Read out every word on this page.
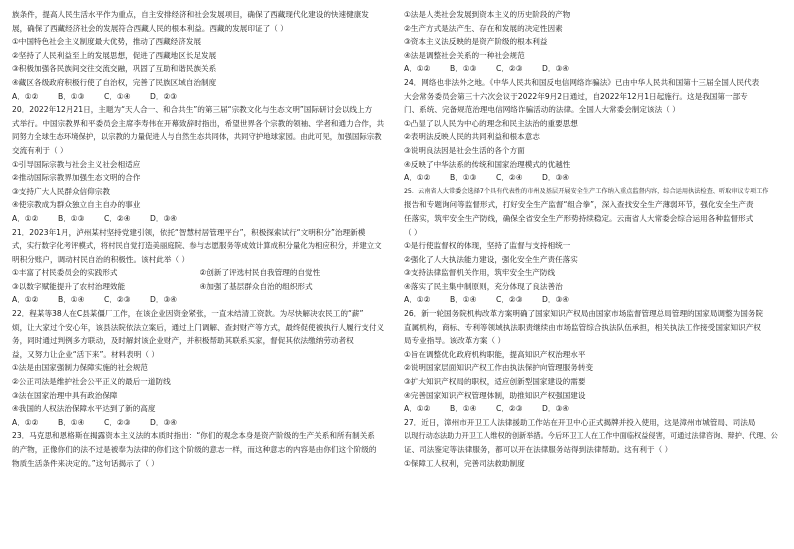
族条件，提高人民生活水平作为重点，自主安排经济和社会发展项目，确保了西藏现代化建设的快速健康发

展，确保了西藏经济社会的发展符合西藏人民的根本利益。西藏的发展印证了（ ）

①中国特色社会主义制度最大优势，推动了西藏经济发展

②坚持了人民利益至上的发展思想，促进了西藏地区长足发展

③积极加强各民族间交往交流交融，巩固了互助和谐民族关系

④藏区各级政府积极行使了自治权，完善了民族区域自治制度

A．①②	B．①③	C．①④	D．②③

20．2022年12月21日，主题为“天人合一、和合共生”的第三届“宗教文化与生态文明”国际研讨会以线上方

式举行。中国宗教界和平委员会主席李寿伟在开幕致辞时指出，希望世界各个宗教的领袖、学者和通力合作，共

同努力全球生态环境保护，以宗教的力量促进人与自然生态共同体，共同守护地球家园。由此可见，加强国际宗教

交流有利于（ ）

①引导国际宗教与社会主义社会相适应

②推动国际宗教界加强生态文明的合作

③支持广大人民群众信仰宗教

④使宗教成为群众独立自主自办的事业

A．①②	B．①③	C．②④	D．③④

21．2023年1月，泸州某村坚持党建引领，依托“智慧村居管理平台”，积极探索试行“文明积分”治理新模

式，实行数字化考评模式，将村民自觉打造美丽庭院、参与志愿服务等成效计算成积分量化为相应积分，并建立文

明积分账户，调动村民自治的积极性。该村此举（ ）

①丰富了村民委员会的实践形式	②创新了评选村民自我管理的自觉性

③以数字赋能提升了农村治理效能	④加强了基层群众自治的组织形式

A．①②	B．①④	C．②③	D．③④

22．程某等38人在C县某僵厂工作，在该企业因资金紧张，一直未结清工资款。为尽快解决农民工的“薪”

烦，让大家过个安心年，该县法院依法立案后，通过上门调解、查封财产等方式，最终促使被执行人履行支付义

务，同时通过判例多方联动，及时解封该企业财产，并积极帮助其联系买家，督促其依法缴纳劳动者权

益，又努力让企业“活下来”。材料表明（ ）

①法是由国家强制力保障实施的社会规范

②公正司法是维护社会公平正义的最后一道防线

③法在国家治理中具有政治保障

④我国的人权法治保障水平达到了新的高度

A．①②	B．①④	C．②③	D．③④

23．马克思和恩格斯在揭露资本主义法的本质时指出：“你们的观念本身是资产阶级的生产关系和所有制关系

的产物，正像你们的法不过是被奉为法律的你们这个阶级的意志一样，而这种意志的内容是由你们这个阶级的

物质生活条件来决定的。”这句话揭示了（ ）

①法是人类社会发展到资本主义的历史阶段的产物

②生产方式是法产生、存在和发展的决定性因素

③资本主义法反映的是资产阶级的根本利益

④法是调整社会关系的一种社会规范

A．①②	B．①③	C．②③	D．③④

24．网络也非法外之地。《中华人民共和国反电信网络诈骗法》已由中华人民共和国第十三届全国人民代表

大会常务委员会第三十六次会议于2022年9月2日通过，自2022年12月1日起施行。这是我国第一部专

门、系统、完备规范治理电信网络诈骗活动的法律。全国人大常委会制定该法（ ）

①凸显了以人民为中心的理念和民主法治的重要思想

②表明法反映人民的共同利益和根本意志

③说明良法因是社会生活的各个方面

④反映了中华法系的传统和国家治理模式的优越性

A．①②	B．①③	C．②④	D．③④

25．云南省人大常委会选择7个具有代表性的市州及基层开展安全生产工作纳入重点监督内容，综合运用执法检查、听取审议专项工作

报告和专题询问等监督形式，打好安全生产监督“组合拳”，深入查找安全生产薄弱环节，强化安全生产责

任落实，筑牢安全生产防线，确保全省安全生产形势持续稳定。云南省人大常委会综合运用各种监督形式

（ ）

①是行使监督权的体现，坚持了监督与支持相统一

②强化了人大执法能力建设，强化安全生产责任落实

③支持法律监督机关作用，筑牢安全生产防线

④落实了民主集中制原则，充分体现了良法善治

A．①②	B．①④	C．②③	D．③④

26．新一轮国务院机构改革方案明确了国家知识产权局由国家市场监督管理总局管理的国家局调整为国务院

直属机构，商标、专利等领域执法职责继续由市场监管综合执法队伍承担，相关执法工作接受国家知识产权

局专业指导。该改革方案（ ）

①旨在调整优化政府机构职能，提高知识产权治理水平

②说明国家层面知识产权工作由执法保护向管理服务转变

③扩大知识产权局的职权，适应创新型国家建设的需要

④完善国家知识产权管理体制，助推知识产权强国建设

A．①②	B．①④	C．②③	D．③④

27．近日，漳州市开卫工人法律援助工作站在开卫中心正式揭牌并投入使用，这是漳州市城管局、司法局

以现行动态法助力开卫工人维权的创新举措。今后环卫工人在工作中面临权益侵害，可通过法律咨询、辩护、代理、公

证、司法鉴定等法律服务，都可以开在法律服务站得到法律帮助。这有利于（ ）

①保障工人权利，完善司法救助制度
